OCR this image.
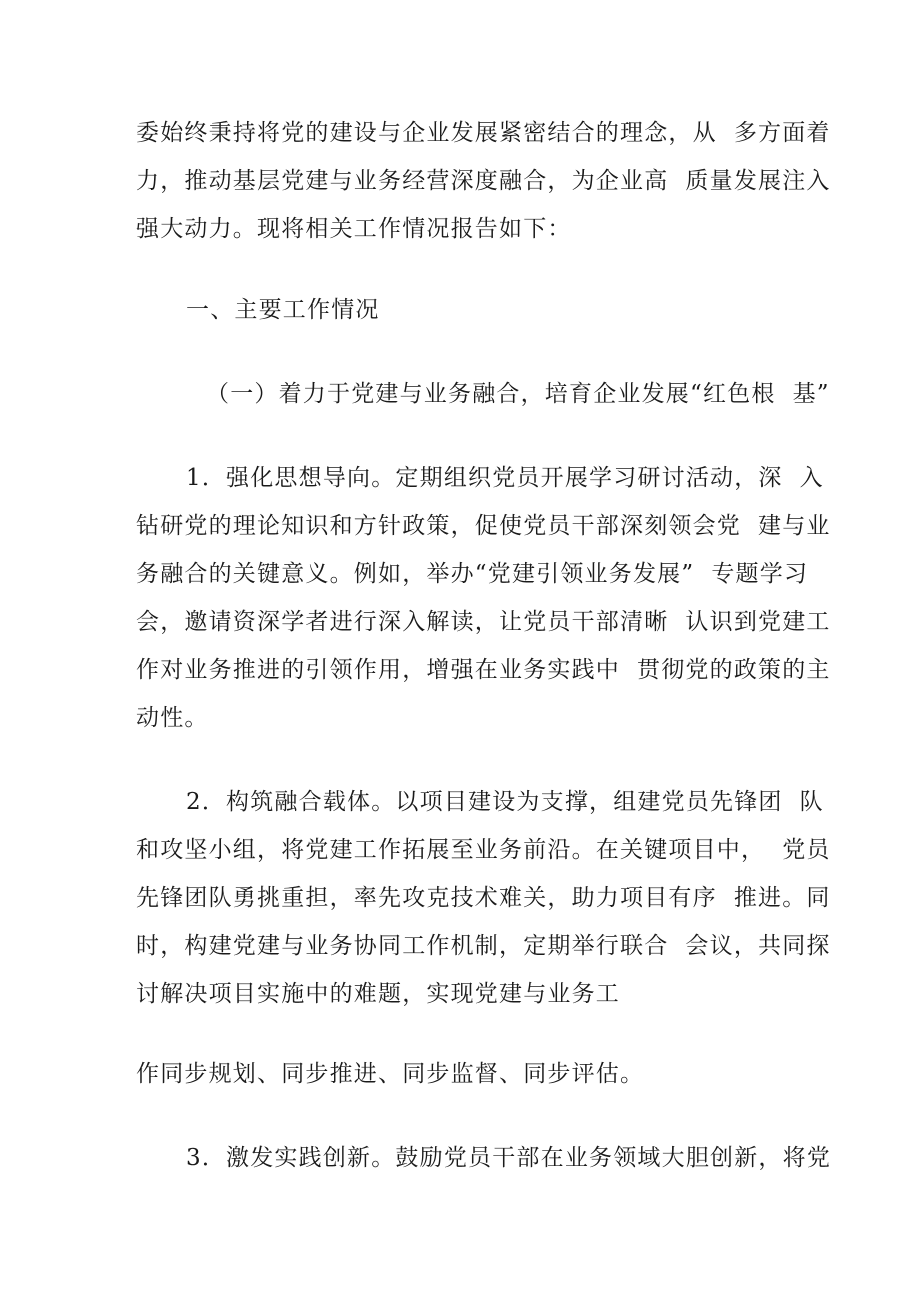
委始终秉持将党的建设与企业发展紧密结合的理念，从  多方面着
力，推动基层党建与业务经营深度融合，为企业高  质量发展注入
强大动力。现将相关工作情况报告如下：
一、主要工作情况
（一）着力于党建与业务融合，培育企业发展“红色根  基”
1．强化思想导向。定期组织党员开展学习研讨活动，深  入
钻研党的理论知识和方针政策，促使党员干部深刻领会党  建与业
务融合的关键意义。例如，举办“党建引领业务发展”  专题学习
会，邀请资深学者进行深入解读，让党员干部清晰  认识到党建工
作对业务推进的引领作用，增强在业务实践中  贯彻党的政策的主
动性。
2．构筑融合载体。以项目建设为支撑，组建党员先锋团  队
和攻坚小组，将党建工作拓展至业务前沿。在关键项目中，  党员
先锋团队勇挑重担，率先攻克技术难关，助力项目有序  推进。同
时，构建党建与业务协同工作机制，定期举行联合  会议，共同探
讨解决项目实施中的难题，实现党建与业务工
作同步规划、同步推进、同步监督、同步评估。
3．激发实践创新。鼓励党员干部在业务领域大胆创新，将党
